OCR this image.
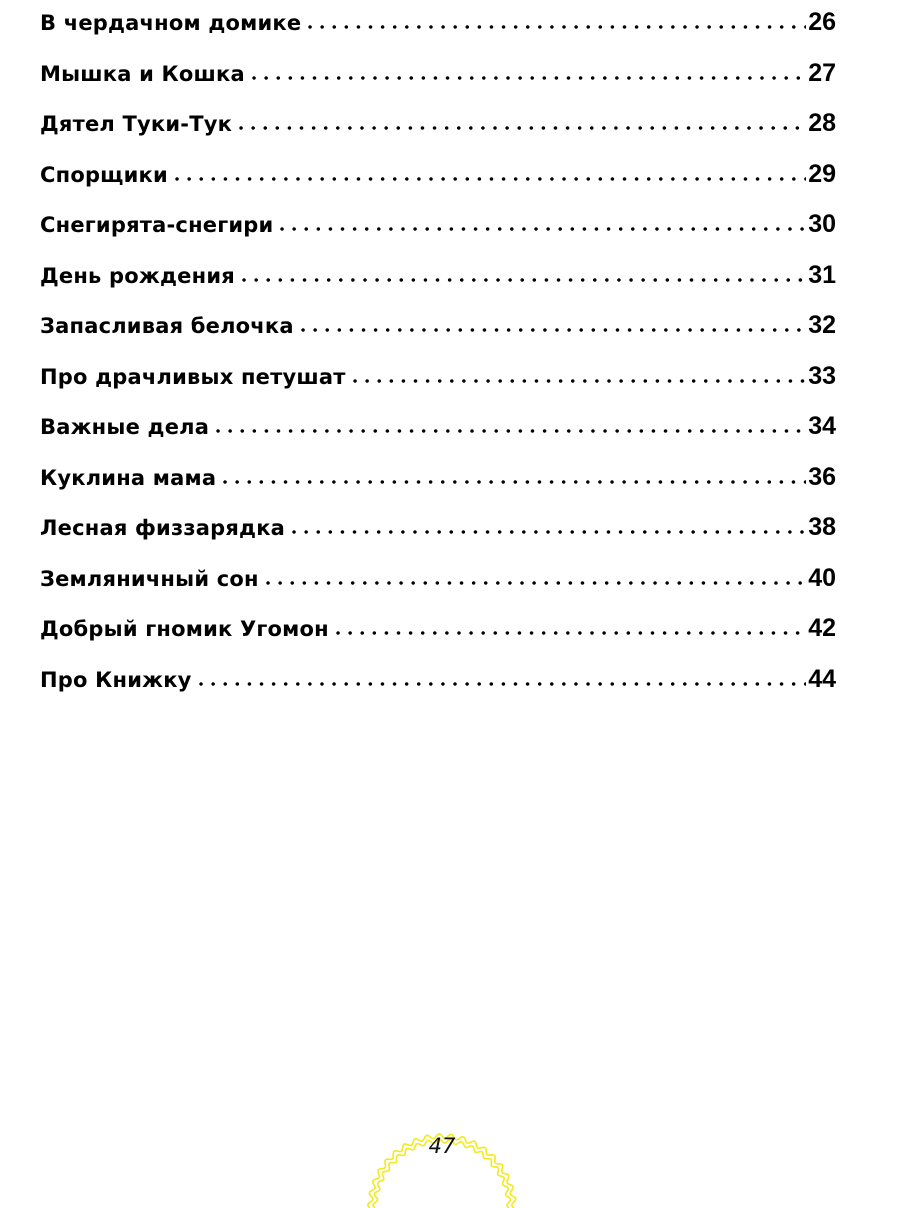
В чердачном домике	26
Мышка и Кошка	27
Дятел Туки-Тук	28
Спорщики	29
Снегирята-снегири	30
День рождения	31
Запасливая белочка	32
Про драчливых петушат	33
Важные дела	34
Куклина мама	36
Лесная физзарядка	38
Земляничный сон	40
Добрый гномик Угомон	42
Про Книжку	44
47
